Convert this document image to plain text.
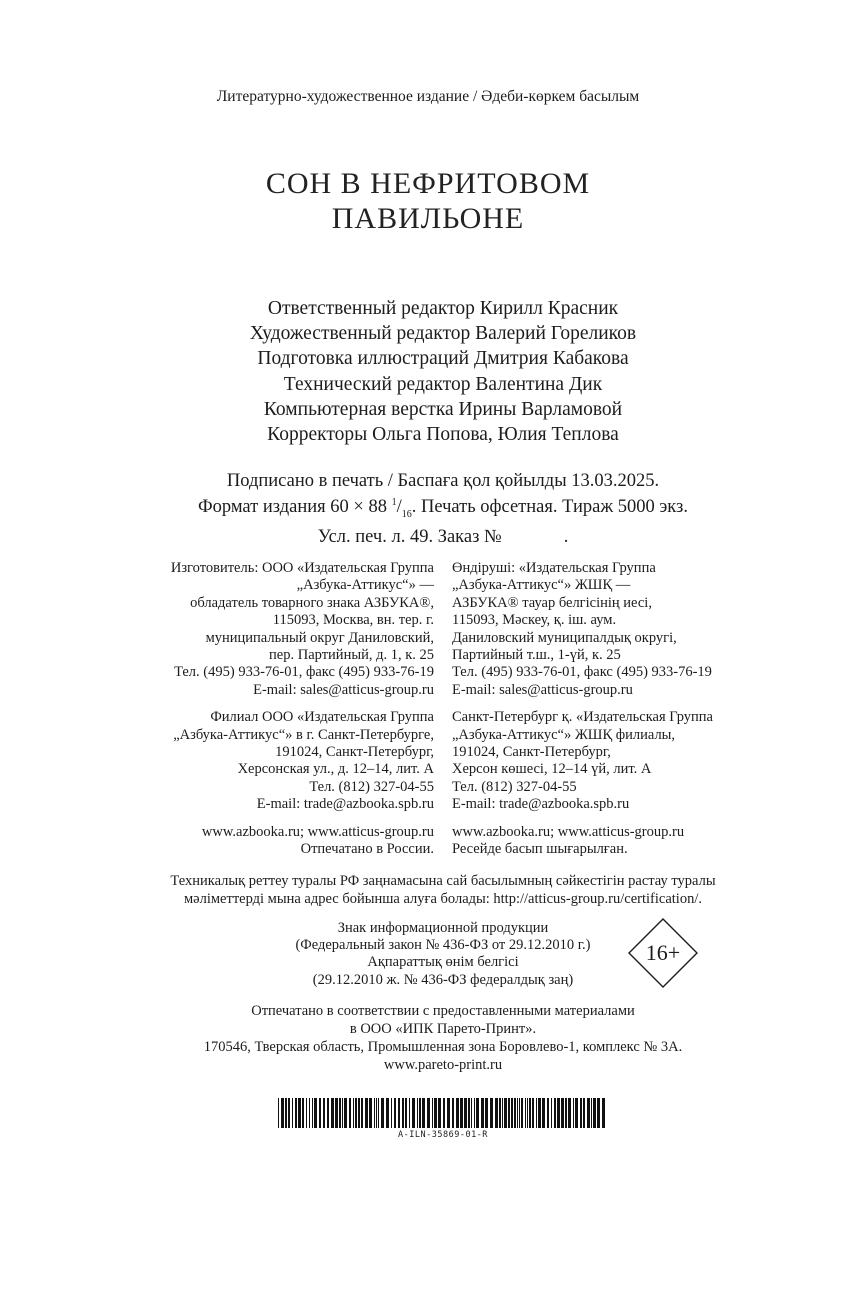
Литературно-художественное издание / Әдеби-көркем басылым
СОН В НЕФРИТОВОМ
ПАВИЛЬОНЕ
Ответственный редактор Кирилл Красник
Художественный редактор Валерий Гореликов
Подготовка иллюстраций Дмитрия Кабакова
Технический редактор Валентина Дик
Компьютерная верстка Ирины Варламовой
Корректоры Ольга Попова, Юлия Теплова
Подписано в печать / Баспаға қол қойылды 13.03.2025.
Формат издания 60 × 88 $^1/_{16}$. Печать офсетная. Тираж 5000 экз.
Усл. печ. л. 49. Заказ №	.
Изготовитель: ООО «Издательская Группа
„Азбука-Аттикус“» —
обладатель товарного знака АЗБУКА®,
115093, Москва, вн. тер. г.
муниципальный округ Даниловский,
пер. Партийный, д. 1, к. 25
Тел. (495) 933-76-01, факс (495) 933-76-19
E-mail: sales@atticus-group.ru
Филиал ООО «Издательская Группа
„Азбука-Аттикус“» в г. Санкт-Петербурге,
191024, Санкт-Петербург,
Херсонская ул., д. 12–14, лит. А
Тел. (812) 327-04-55
E-mail: trade@azbooka.spb.ru
www.azbooka.ru; www.atticus-group.ru
Отпечатано в России.
Өндіруші: «Издательская Группа
„Азбука-Аттикус“» ЖШҚ —
АЗБУКА® тауар белгісінің иесі,
115093, Мәскеу, қ. іш. аум.
Даниловский муниципалдық округі,
Партийный т.ш., 1-үй, к. 25
Тел. (495) 933-76-01, факс (495) 933-76-19
E-mail: sales@atticus-group.ru
Санкт-Петербург қ. «Издательская Группа
„Азбука-Аттикус“» ЖШҚ филиалы,
191024, Санкт-Петербург,
Херсон көшесі, 12–14 үй, лит. А
Тел. (812) 327-04-55
E-mail: trade@azbooka.spb.ru
www.azbooka.ru; www.atticus-group.ru
Ресейде басып шығарылған.
Техникалық реттеу туралы РФ заңнамасына сай басылымның сәйкестігін растау туралы
мәліметтерді мына адрес бойынша алуға болады: http://atticus-group.ru/certification/.
Знак информационной продукции
(Федеральный закон № 436-ФЗ от 29.12.2010 г.)
Ақпараттық өнім белгісі
(29.12.2010 ж. № 436-ФЗ федералдық заң)
16+
Отпечатано в соответствии с предоставленными материалами
в ООО «ИПК Парето-Принт».
170546, Тверская область, Промышленная зона Боровлево-1, комплекс № 3А.
www.pareto-print.ru
A-ILN-35869-01-R
